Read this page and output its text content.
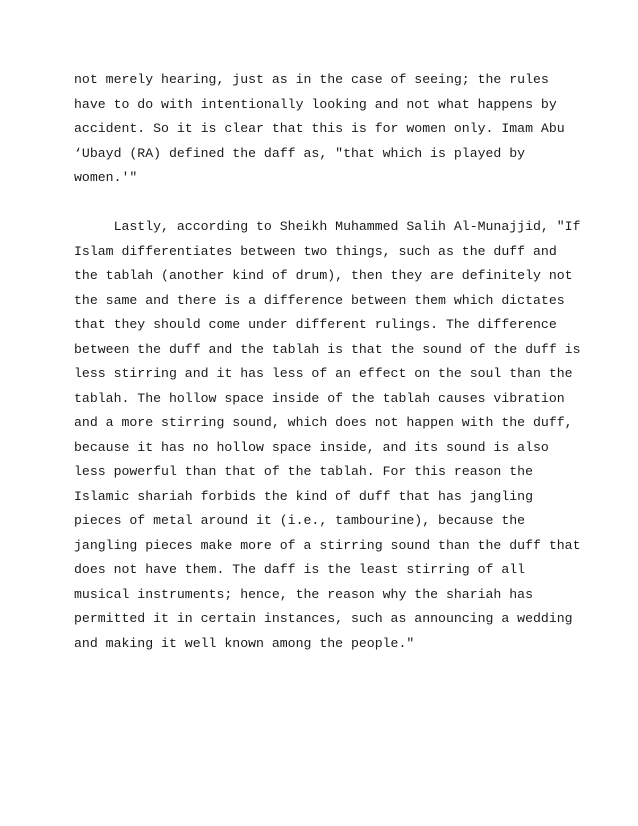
not merely hearing, just as in the case of seeing; the rules
have to do with intentionally looking and not what happens by
accident. So it is clear that this is for women only. Imam Abu
‘Ubayd (RA) defined the daff as, "that which is played by
women.'"
Lastly, according to Sheikh Muhammed Salih Al-Munajjid, "If
Islam differentiates between two things, such as the duff and
the tablah (another kind of drum), then they are definitely not
the same and there is a difference between them which dictates
that they should come under different rulings. The difference
between the duff and the tablah is that the sound of the duff is
less stirring and it has less of an effect on the soul than the
tablah. The hollow space inside of the tablah causes vibration
and a more stirring sound, which does not happen with the duff,
because it has no hollow space inside, and its sound is also
less powerful than that of the tablah. For this reason the
Islamic shariah forbids the kind of duff that has jangling
pieces of metal around it (i.e., tambourine), because the
jangling pieces make more of a stirring sound than the duff that
does not have them. The daff is the least stirring of all
musical instruments; hence, the reason why the shariah has
permitted it in certain instances, such as announcing a wedding
and making it well known among the people."
